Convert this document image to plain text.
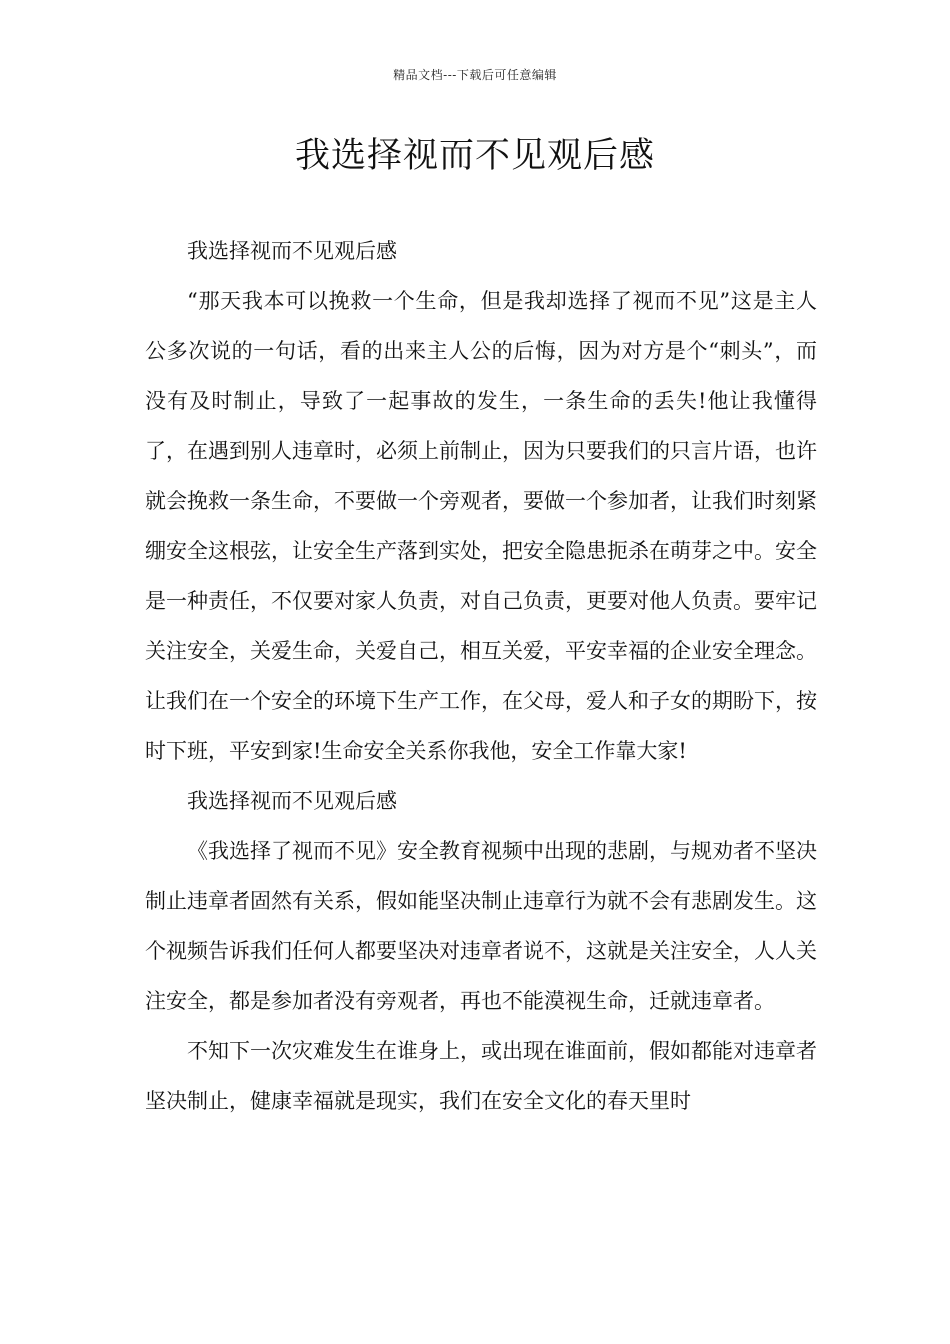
精品文档---下载后可任意编辑
我选择视而不见观后感

我选择视而不见观后感

“那天我本可以挽救一个生命，但是我却选择了视而不见”这是主人公多次说的一句话，看的出来主人公的后悔，因为对方是个“刺头”，而没有及时制止，导致了一起事故的发生，一条生命的丢失!他让我懂得了，在遇到别人违章时，必须上前制止，因为只要我们的只言片语，也许就会挽救一条生命，不要做一个旁观者，要做一个参加者，让我们时刻紧绷安全这根弦，让安全生产落到实处，把安全隐患扼杀在萌芽之中。安全是一种责任，不仅要对家人负责，对自己负责，更要对他人负责。要牢记关注安全，关爱生命，关爱自己，相互关爱，平安幸福的企业安全理念。让我们在一个安全的环境下生产工作，在父母，爱人和子女的期盼下，按时下班，平安到家!生命安全关系你我他，安全工作靠大家!

我选择视而不见观后感

《我选择了视而不见》安全教育视频中出现的悲剧，与规劝者不坚决制止违章者固然有关系，假如能坚决制止违章行为就不会有悲剧发生。这个视频告诉我们任何人都要坚决对违章者说不，这就是关注安全，人人关注安全，都是参加者没有旁观者，再也不能漠视生命，迁就违章者。

不知下一次灾难发生在谁身上，或出现在谁面前，假如都能对违章者坚决制止，健康幸福就是现实，我们在安全文化的春天里时
